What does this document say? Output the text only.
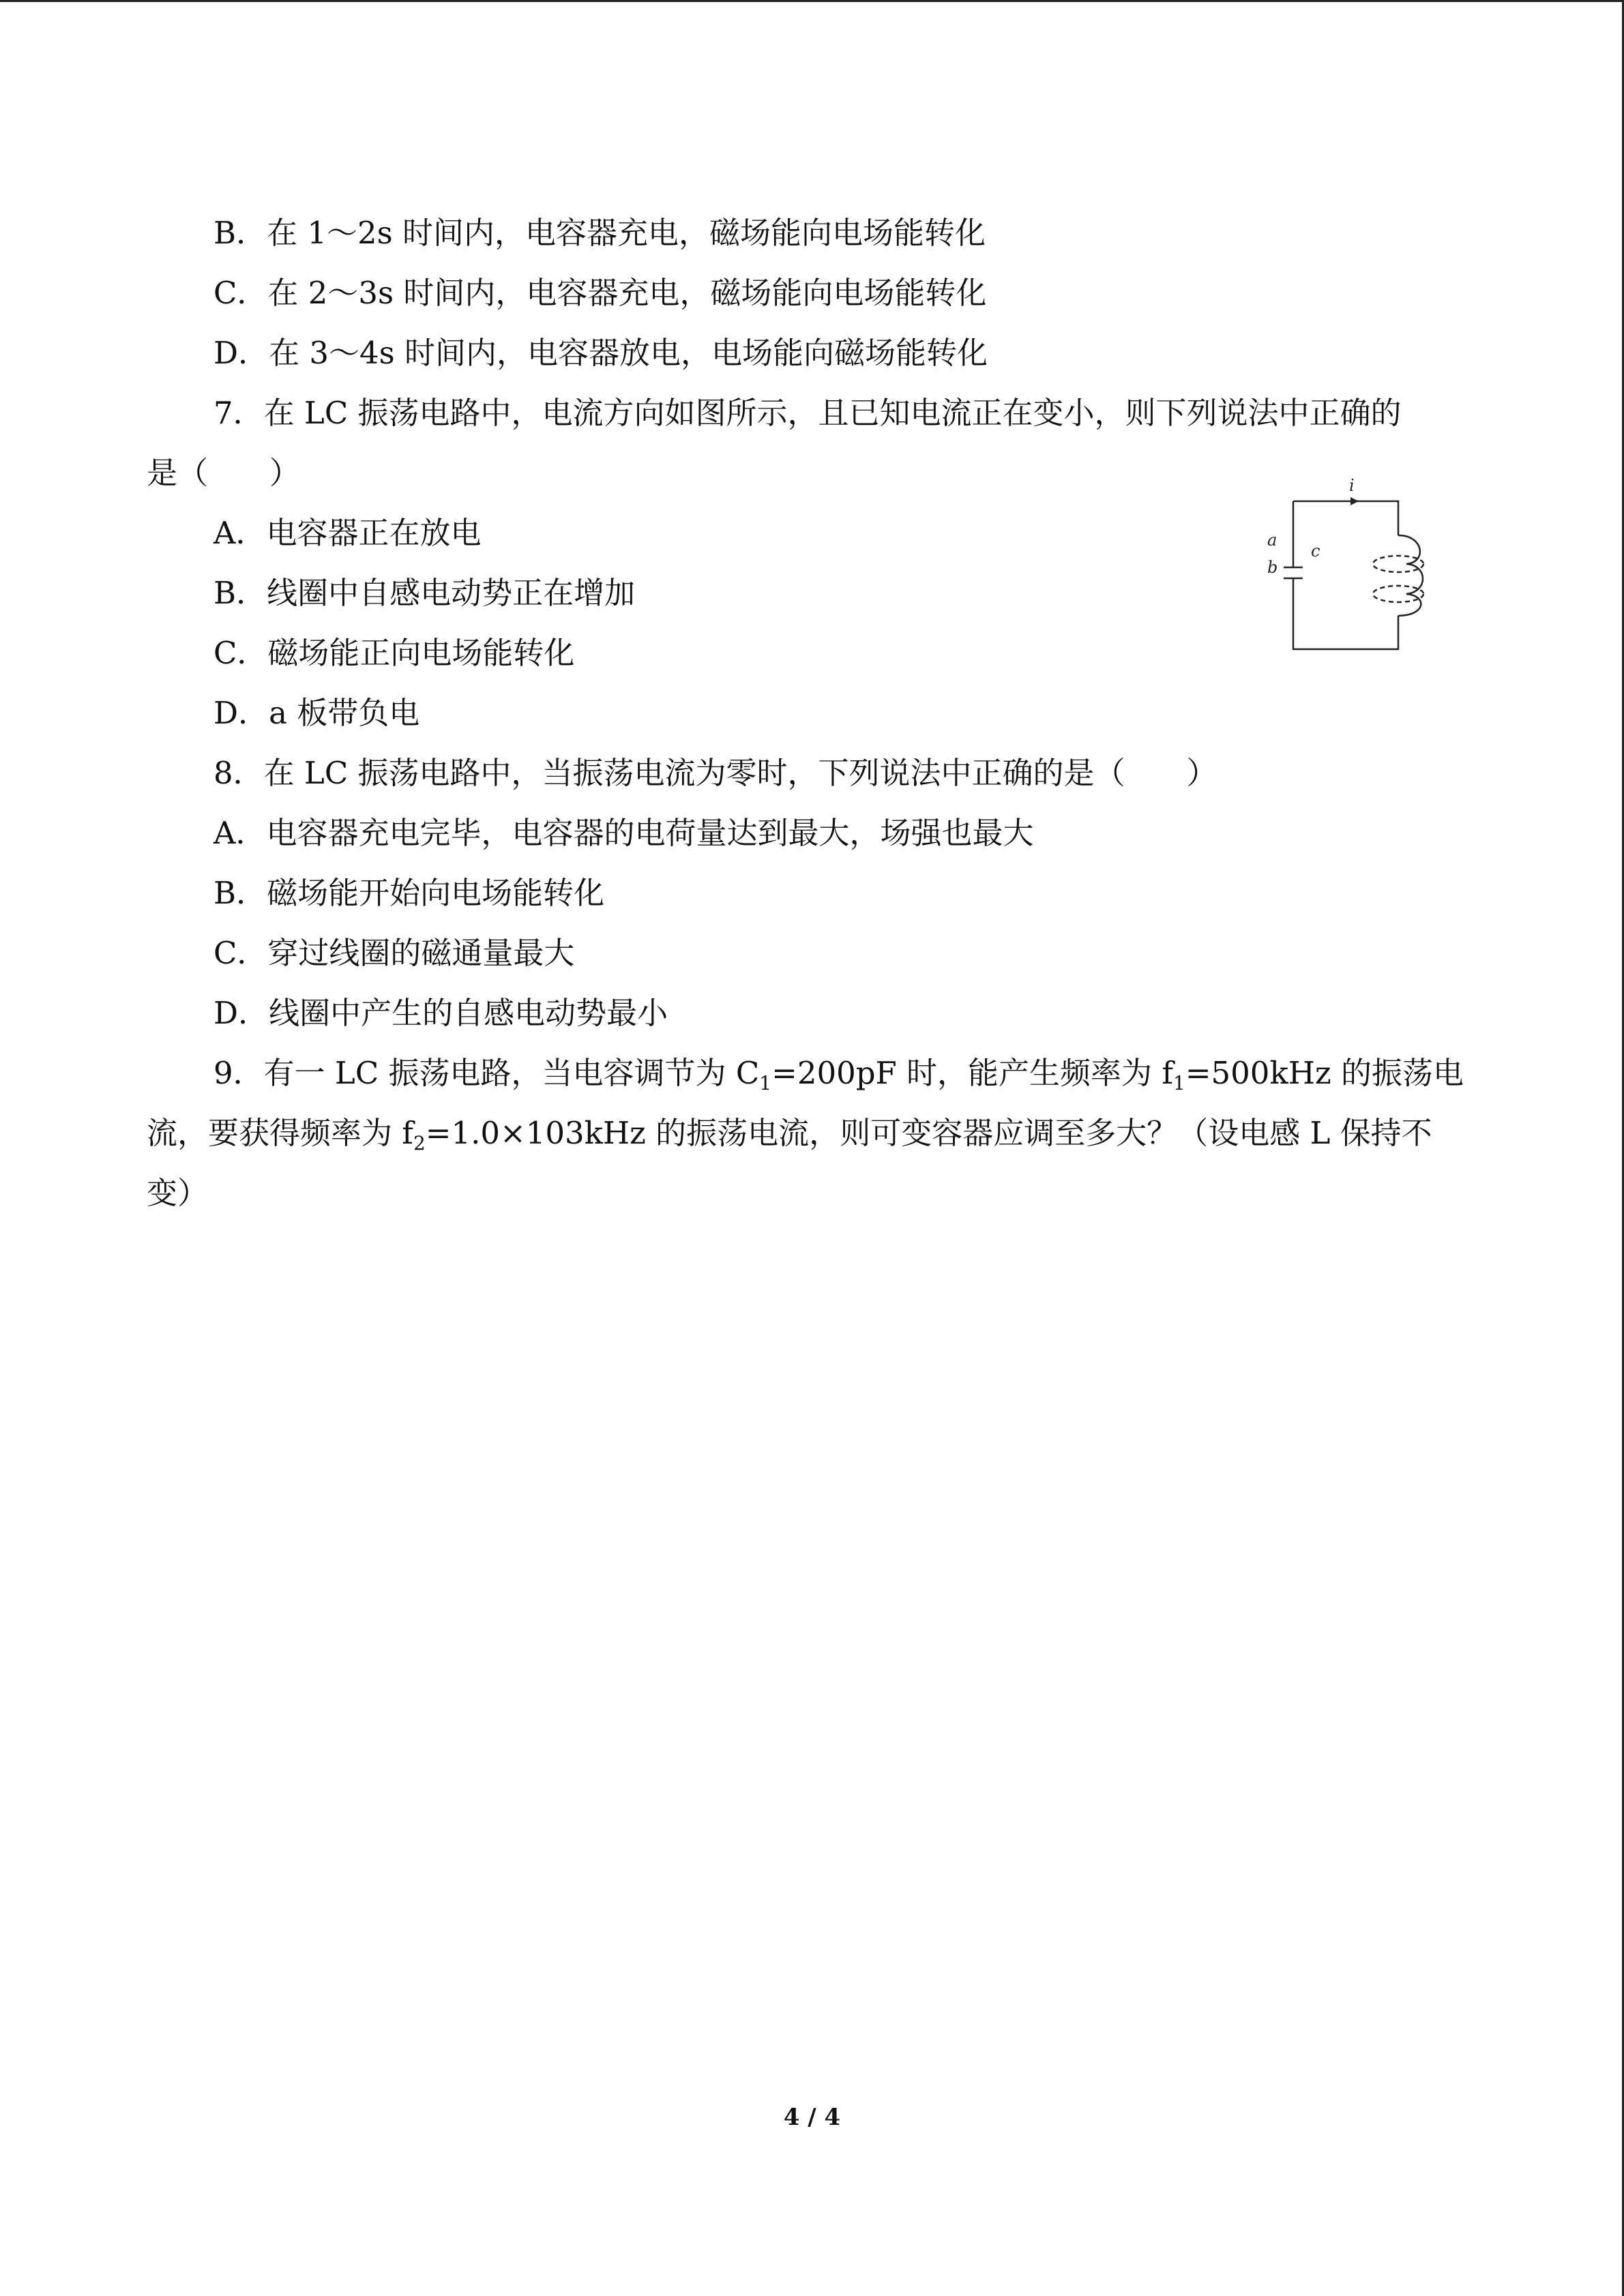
B．在 1～2s 时间内，电容器充电，磁场能向电场能转化
C．在 2～3s 时间内，电容器充电，磁场能向电场能转化
D．在 3～4s 时间内，电容器放电，电场能向磁场能转化
7．在 LC 振荡电路中，电流方向如图所示，且已知电流正在变小，则下列说法中正确的
是（　　）
A．电容器正在放电
B．线圈中自感电动势正在增加
C．磁场能正向电场能转化
D．a 板带负电
i
a
b
c
8．在 LC 振荡电路中，当振荡电流为零时，下列说法中正确的是（　　）
A．电容器充电完毕，电容器的电荷量达到最大，场强也最大
B．磁场能开始向电场能转化
C．穿过线圈的磁通量最大
D．线圈中产生的自感电动势最小
9．有一 LC 振荡电路，当电容调节为 $C_1=200pF$ 时，能产生频率为 $f_1=500kHz$ 的振荡电
流，要获得频率为 $f_2=1.0\times 103kHz$ 的振荡电流，则可变容器应调至多大？（设电感 L 保持不
变）
4 / 4
